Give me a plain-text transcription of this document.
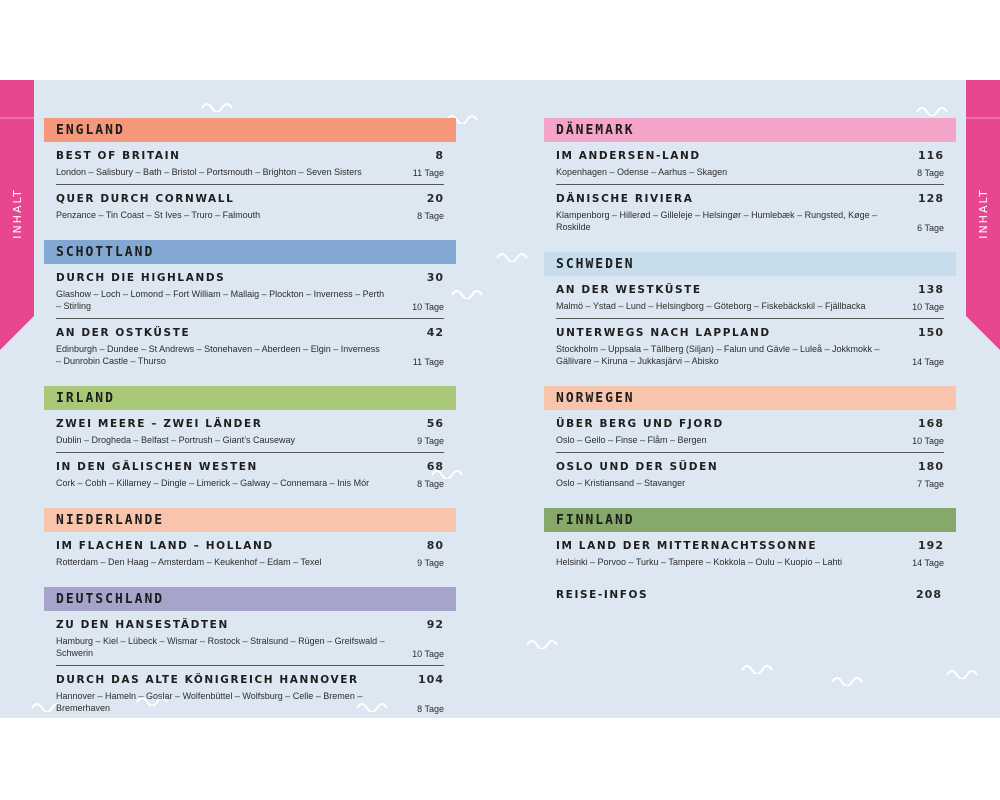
INHALT	INHALT
ENGLAND
BEST OF BRITAIN	8
London – Salisbury – Bath – Bristol – Portsmouth – Brighton – Seven Sisters	11 Tage
QUER DURCH CORNWALL	20
Penzance – Tin Coast – St Ives – Truro – Falmouth	8 Tage
SCHOTTLAND
DURCH DIE HIGHLANDS	30
Glashow – Loch – Lomond – Fort William – Mallaig – Plockton – Inverness – Perth – Stirling	10 Tage
AN DER OSTKÜSTE	42
Edinburgh – Dundee – St Andrews – Stonehaven – Aberdeen – Elgin – Inverness – Dunrobin Castle – Thurso	11 Tage
IRLAND
ZWEI MEERE – ZWEI LÄNDER	56
Dublin – Drogheda – Belfast – Portrush – Giant’s Causeway	9 Tage
IN DEN GÄLISCHEN WESTEN	68
Cork – Cobh – Killarney – Dingle – Limerick – Galway – Connemara – Inis Mór	8 Tage
NIEDERLANDE
IM FLACHEN LAND – HOLLAND	80
Rotterdam – Den Haag – Amsterdam – Keukenhof – Edam – Texel	9 Tage
DEUTSCHLAND
ZU DEN HANSESTÄDTEN	92
Hamburg – Kiel – Lübeck – Wismar – Rostock – Stralsund – Rügen – Greifswald – Schwerin	10 Tage
DURCH DAS ALTE KÖNIGREICH HANNOVER	104
Hannover – Hameln – Goslar – Wolfenbüttel – Wolfsburg – Celle – Bremen – Bremerhaven	8 Tage
DÄNEMARK
IM ANDERSEN-LAND	116
Kopenhagen – Odense – Aarhus – Skagen	8 Tage
DÄNISCHE RIVIERA	128
Klampenborg – Hillerød – Gilleleje – Helsingør – Humlebæk – Rungsted, Køge – Roskilde	6 Tage
SCHWEDEN
AN DER WESTKÜSTE	138
Malmö – Ystad – Lund – Helsingborg – Göteborg – Fiskebäckskil – Fjällbacka	10 Tage
UNTERWEGS NACH LAPPLAND	150
Stockholm – Uppsala – Tällberg (Siljan) – Falun und Gävle – Luleå – Jokkmokk – Gällivare – Kiruna – Jukkasjärvi – Abisko	14 Tage
NORWEGEN
ÜBER BERG UND FJORD	168
Oslo – Geilo – Finse – Flåm – Bergen	10 Tage
OSLO UND DER SÜDEN	180
Oslo – Kristiansand – Stavanger	7 Tage
FINNLAND
IM LAND DER MITTERNACHTSSONNE	192
Helsinki – Porvoo – Turku – Tampere – Kokkola – Oulu – Kuopio – Lahti	14 Tage
REISE-INFOS	208
